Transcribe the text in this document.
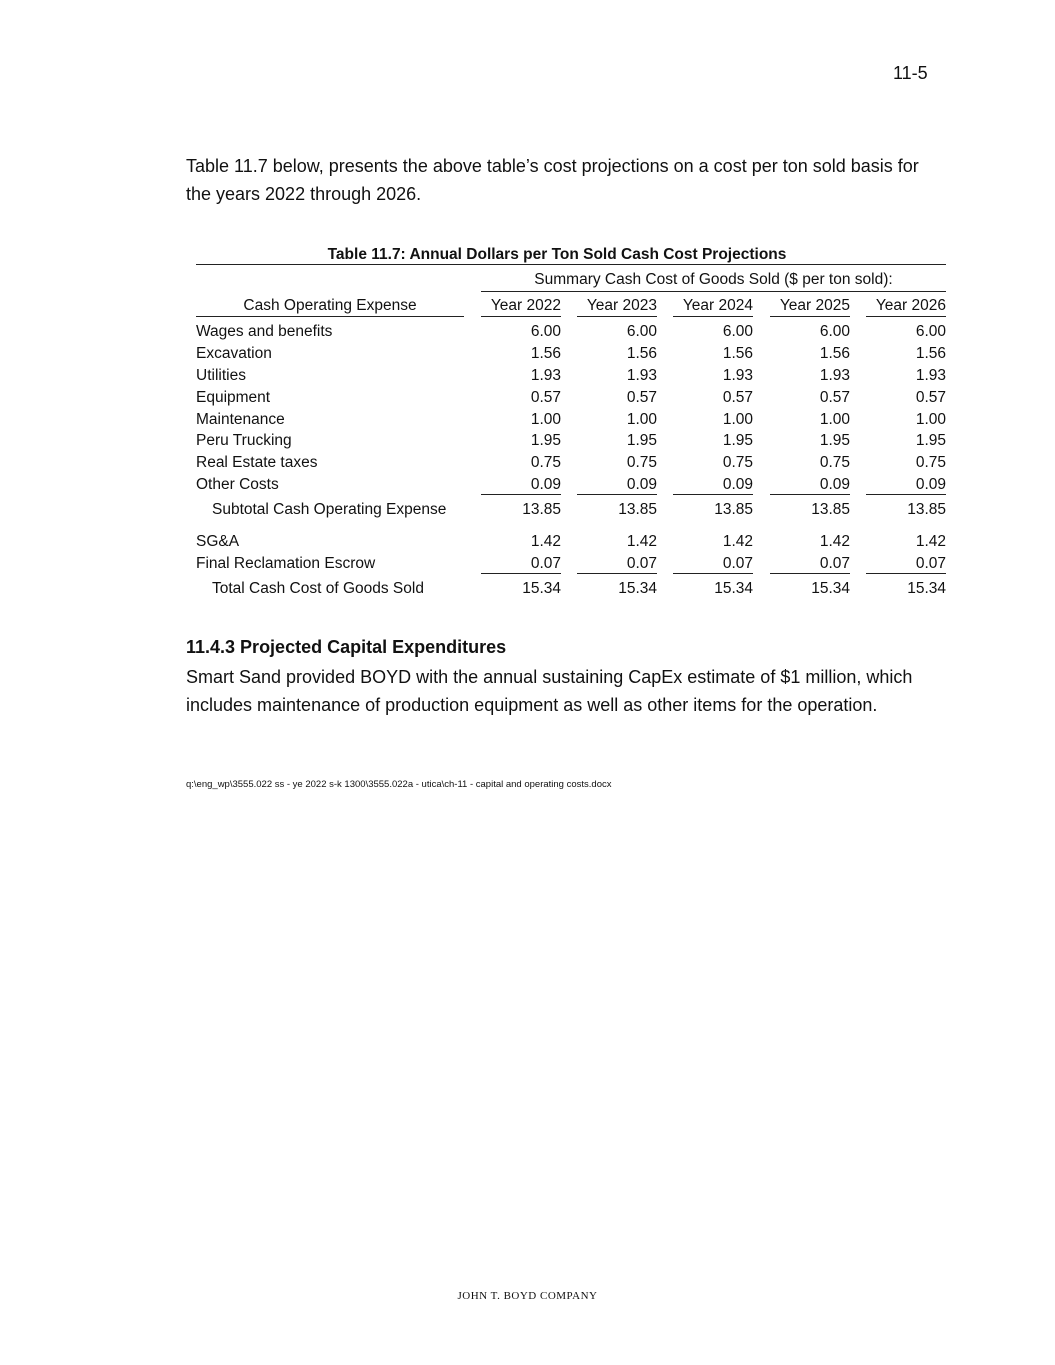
11-5

Table 11.7 below, presents the above table’s cost projections on a cost per ton sold basis for the years 2022 through 2026.

Table 11.7: Annual Dollars per Ton Sold Cash Cost Projections
Summary Cash Cost of Goods Sold ($ per ton sold):
Cash Operating Expense	Year 2022	Year 2023	Year 2024	Year 2025	Year 2026
Wages and benefits	6.00	6.00	6.00	6.00	6.00
Excavation	1.56	1.56	1.56	1.56	1.56
Utilities	1.93	1.93	1.93	1.93	1.93
Equipment	0.57	0.57	0.57	0.57	0.57
Maintenance	1.00	1.00	1.00	1.00	1.00
Peru Trucking	1.95	1.95	1.95	1.95	1.95
Real Estate taxes	0.75	0.75	0.75	0.75	0.75
Other Costs	0.09	0.09	0.09	0.09	0.09
Subtotal Cash Operating Expense	13.85	13.85	13.85	13.85	13.85
SG&A	1.42	1.42	1.42	1.42	1.42
Final Reclamation Escrow	0.07	0.07	0.07	0.07	0.07
Total Cash Cost of Goods Sold	15.34	15.34	15.34	15.34	15.34
11.4.3 Projected Capital Expenditures

Smart Sand provided BOYD with the annual sustaining CapEx estimate of $1 million, which includes maintenance of production equipment as well as other items for the operation.

q:\eng_wp\3555.022 ss - ye 2022 s-k 1300\3555.022a - utica\ch-11 - capital and operating costs.docx
JOHN T. BOYD COMPANY
